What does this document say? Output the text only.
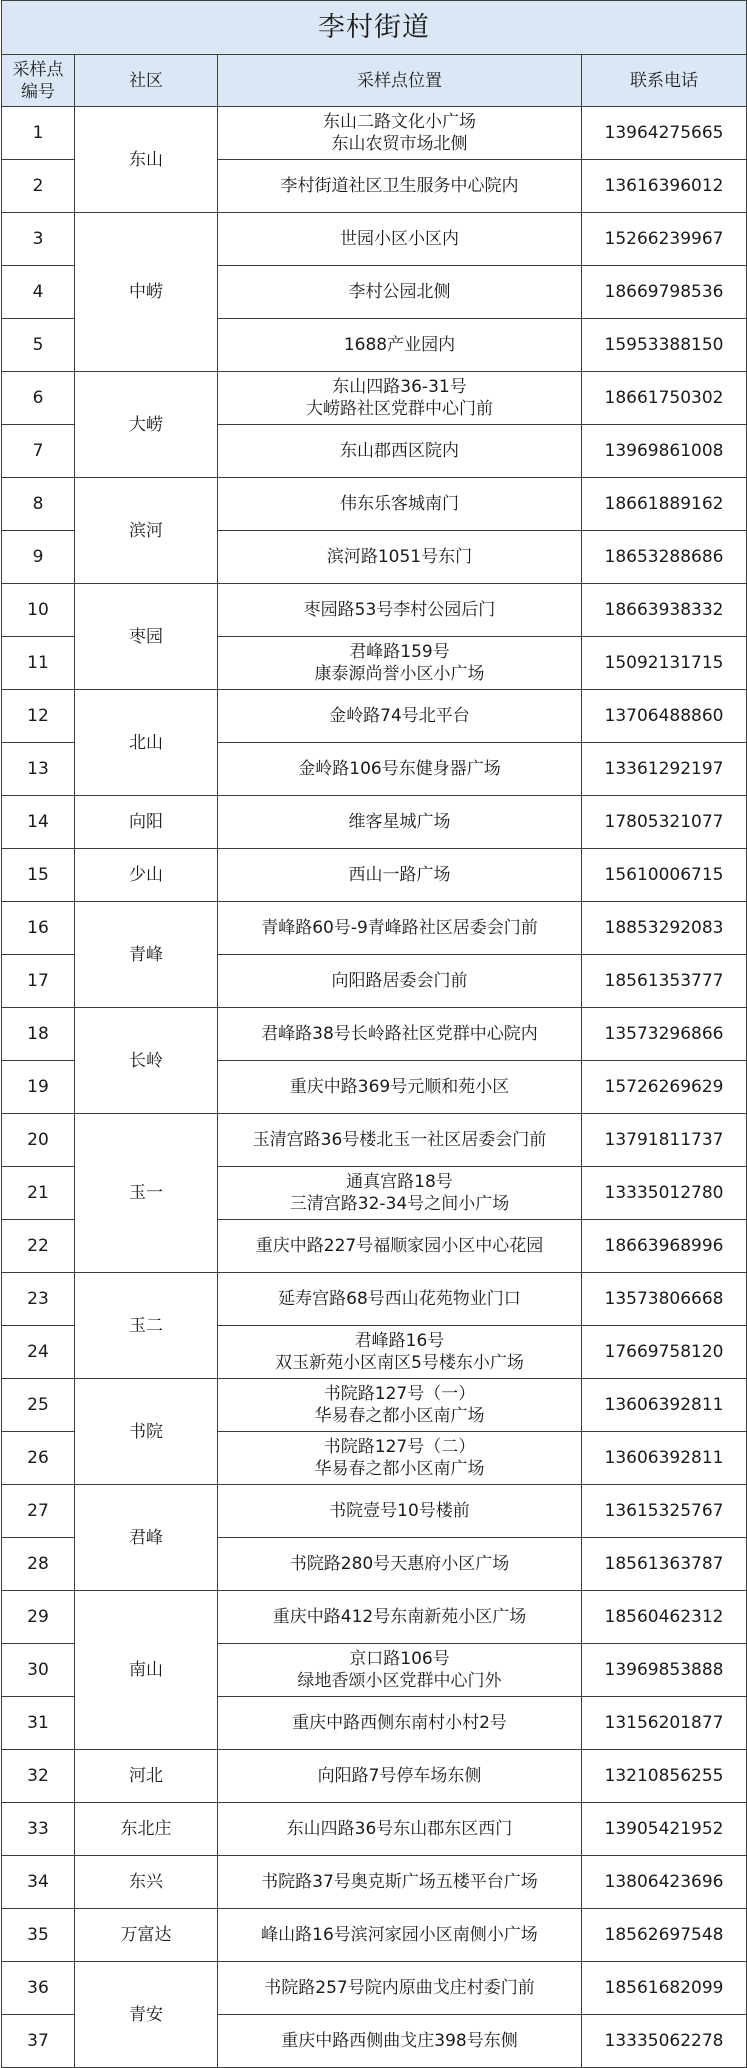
李村街道			

采样点
编号	社区	采样点位置	联系电话
1	东山	东山二路文化小广场
东山农贸市场北侧	13964275665
2		李村街道社区卫生服务中心院内	13616396012
3	中崂	世园小区小区内	15266239967
4		李村公园北侧	18669798536
5		1688产业园内	15953388150
6	大崂	东山四路36-31号
大崂路社区党群中心门前	18661750302
7		东山郡西区院内	13969861008
8	滨河	伟东乐客城南门	18661889162
9		滨河路1051号东门	18653288686
10	枣园	枣园路53号李村公园后门	18663938332
11		君峰路159号
康泰源尚誉小区小广场	15092131715
12	北山	金岭路74号北平台	13706488860
13		金岭路106号东健身器广场	13361292197
14	向阳	维客星城广场	17805321077
15	少山	西山一路广场	15610006715
16	青峰	青峰路60号-9青峰路社区居委会门前	18853292083
17		向阳路居委会门前	18561353777
18	长岭	君峰路38号长岭路社区党群中心院内	13573296866
19		重庆中路369号元顺和苑小区	15726269629
20	玉一	玉清宫路36号楼北玉一社区居委会门前	13791811737
21		通真宫路18号
三清宫路32-34号之间小广场	13335012780
22		重庆中路227号福顺家园小区中心花园	18663968996
23	玉二	延寿宫路68号西山花苑物业门口	13573806668
24		君峰路16号
双玉新苑小区南区5号楼东小广场	17669758120
25	书院	书院路127号（一）
华易春之都小区南广场	13606392811
26		书院路127号（二）
华易春之都小区南广场	13606392811
27	君峰	书院壹号10号楼前	13615325767
28		书院路280号天惠府小区广场	18561363787
29	南山	重庆中路412号东南新苑小区广场	18560462312
30		京口路106号
绿地香颂小区党群中心门外	13969853888
31		重庆中路西侧东南村小村2号	13156201877
32	河北	向阳路7号停车场东侧	13210856255
33	东北庄	东山四路36号东山郡东区西门	13905421952
34	东兴	书院路37号奥克斯广场五楼平台广场	13806423696
35	万富达	峰山路16号滨河家园小区南侧小广场	18562697548
36	青安	书院路257号院内原曲戈庄村委门前	18561682099
37		重庆中路西侧曲戈庄398号东侧	13335062278
